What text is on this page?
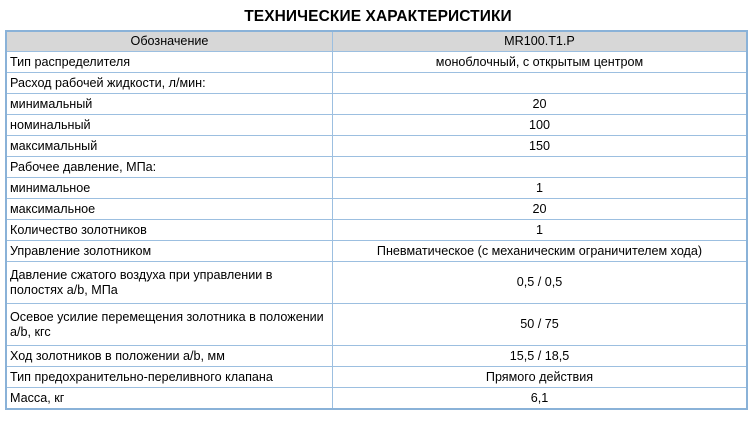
ТЕХНИЧЕСКИЕ ХАРАКТЕРИСТИКИ
Обозначение	MR100.T1.P
Тип распределителя	моноблочный, с открытым центром
Расход рабочей жидкости, л/мин:	
минимальный	20
номинальный	100
максимальный	150
Рабочее давление, МПа:	
минимальное	1
максимальное	20
Количество золотников	1
Управление золотником	Пневматическое (с механическим ограничителем хода)
Давление сжатого воздуха при управлении в полостях а/b, МПа	0,5 / 0,5
Осевое усилие перемещения золотника в положении а/b, кгс	50 / 75
Ход золотников в положении а/b, мм	15,5 / 18,5
Тип предохранительно-переливного клапана	Прямого действия
Масса, кг	6,1
